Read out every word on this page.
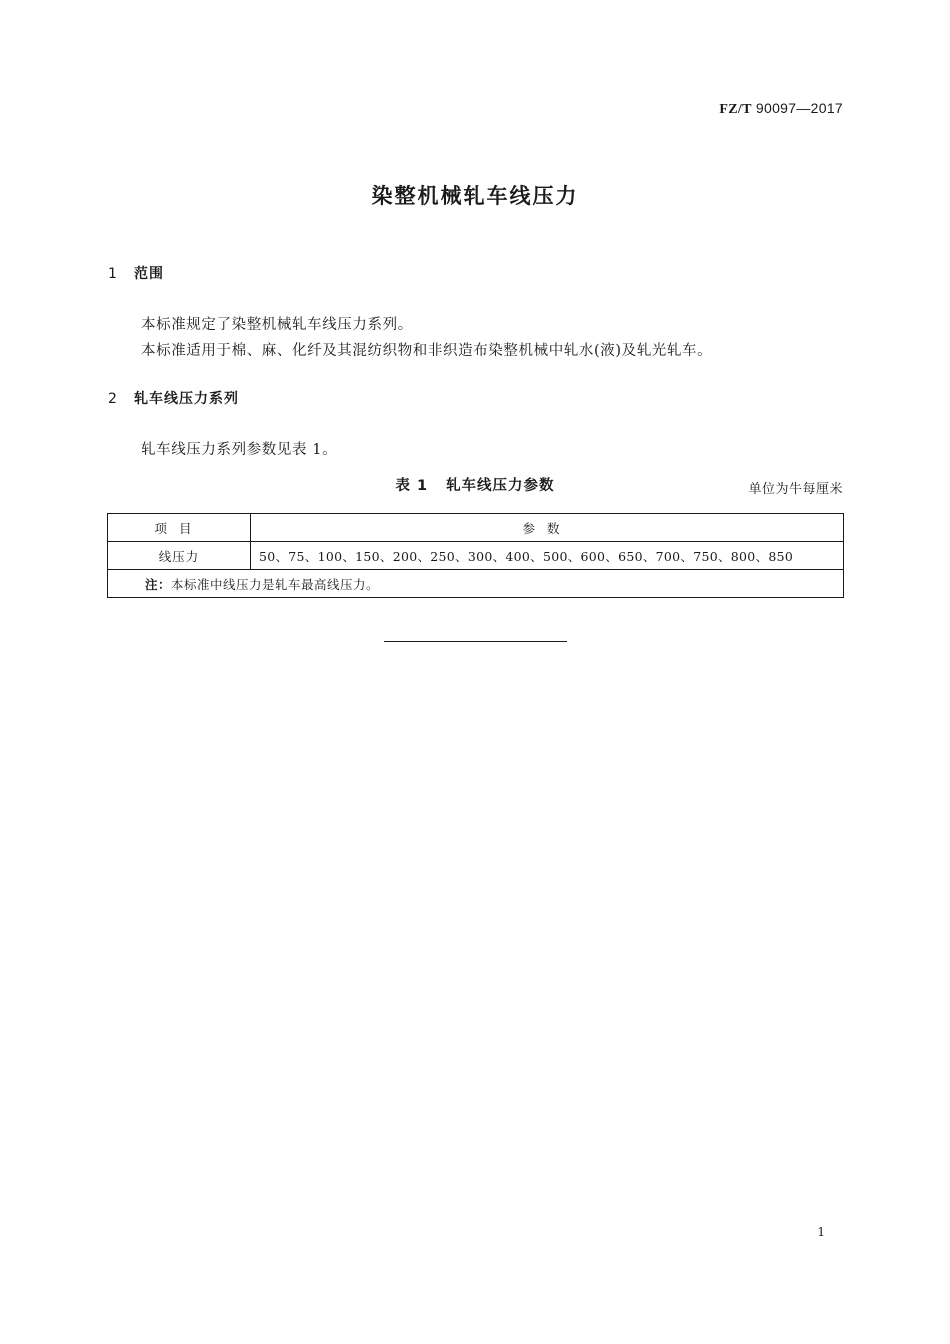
FZ/T 90097—2017
染整机械轧车线压力
1 范围
本标准规定了染整机械轧车线压力系列。
本标准适用于棉、麻、化纤及其混纺织物和非织造布染整机械中轧水(液)及轧光轧车。
2 轧车线压力系列
轧车线压力系列参数见表 1。
表 1 轧车线压力参数	单位为牛每厘米
项目	参数
线压力	50、75、100、150、200、250、300、400、500、600、650、700、750、800、850
注：本标准中线压力是轧车最高线压力。	
1
